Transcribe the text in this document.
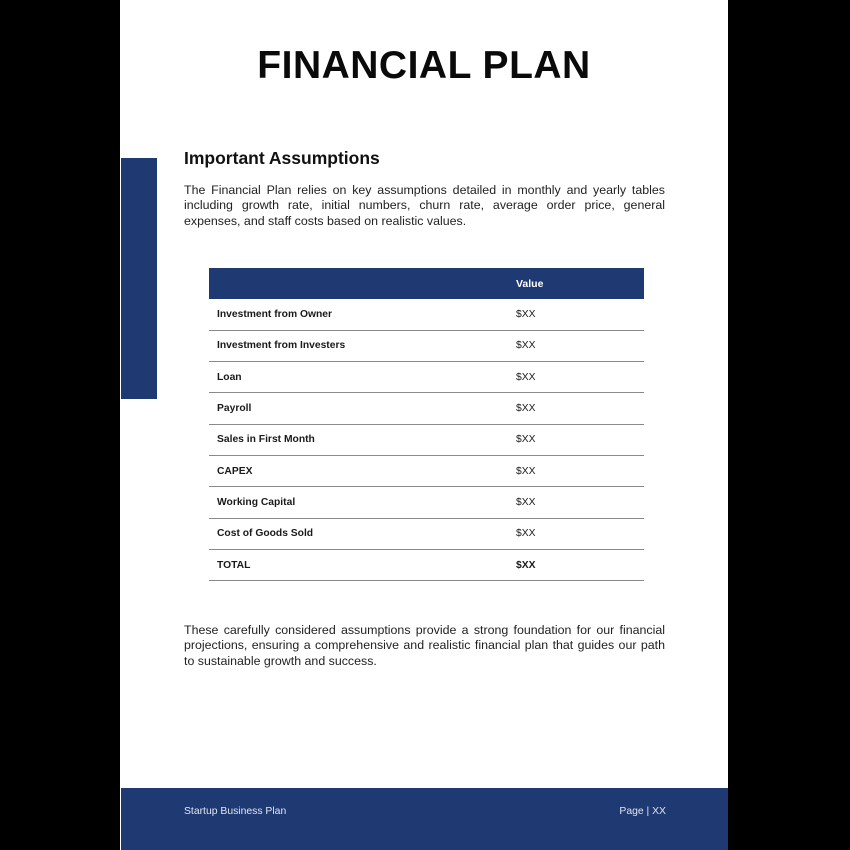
FINANCIAL PLAN
Important Assumptions

The Financial Plan relies on key assumptions detailed in monthly and yearly tables including growth rate, initial numbers, churn rate, average order price, general expenses, and staff costs based on realistic values.

	Value
Investment from Owner	$XX
Investment from Investers	$XX
Loan	$XX
Payroll	$XX
Sales in First Month	$XX
CAPEX	$XX
Working Capital	$XX
Cost of Goods Sold	$XX
TOTAL	$XX

These carefully considered assumptions provide a strong foundation for our financial projections, ensuring a comprehensive and realistic financial plan that guides our path to sustainable growth and success.

Startup Business Plan	Page | XX
